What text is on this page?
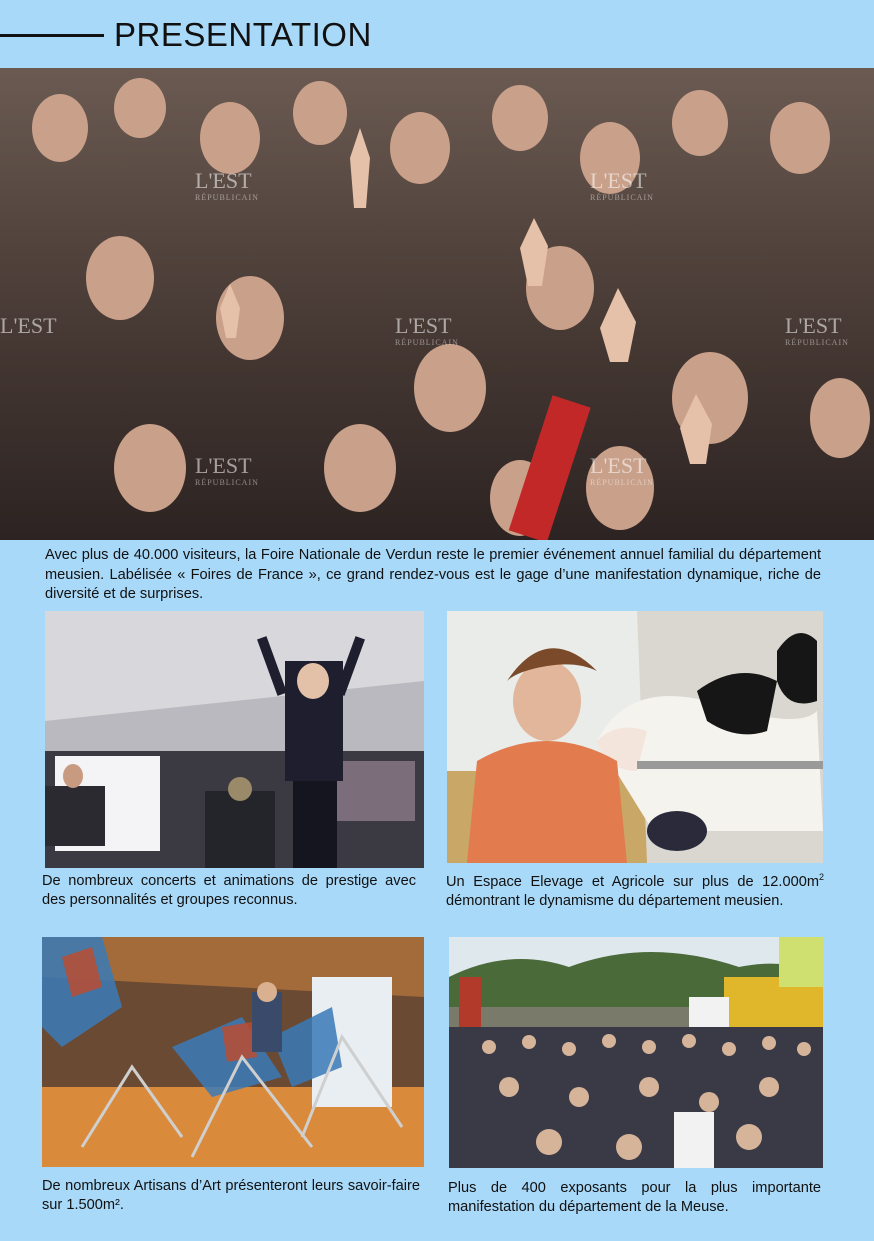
PRESENTATION
L'EST
RÉPUBLICAIN
L'EST
RÉPUBLICAIN
L'EST	L'EST
RÉPUBLICAIN
L'EST
RÉPUBLICAIN
L'EST
RÉPUBLICAIN
L'EST
RÉPUBLICAIN

Avec plus de 40.000 visiteurs, la Foire Nationale de Verdun reste le premier événement annuel familial du département meusien. Labélisée « Foires de France », ce grand rendez-vous est le gage d’une manifestation dynamique, riche de diversité et de surprises.

De nombreux concerts et animations de prestige avec des personnalités et groupes reconnus.

Un Espace Elevage et Agricole sur plus de $12.000m^2$ démontrant le dynamisme du département meusien.

De nombreux Artisans d’Art présenteront leurs savoir-faire sur 1.500m².

Plus de 400 exposants pour la plus importante manifestation du département de la Meuse.
